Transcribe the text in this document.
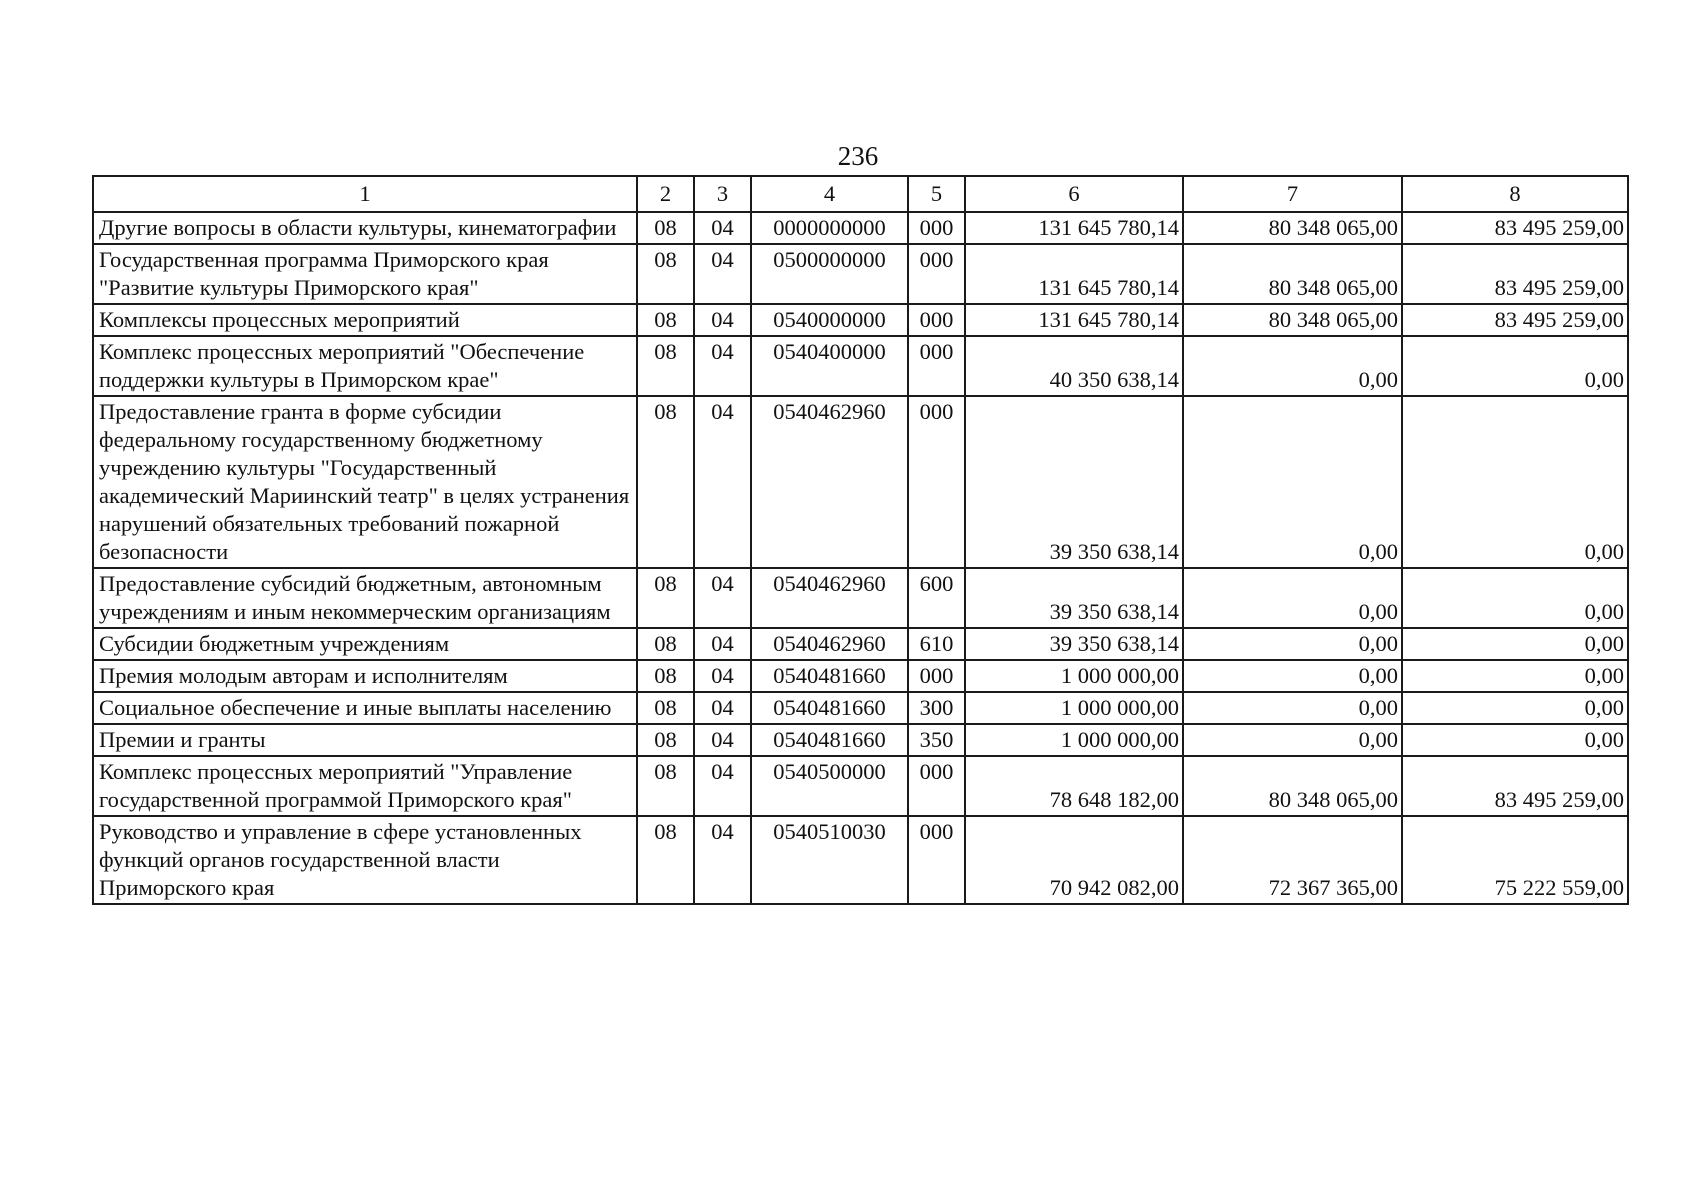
236
1	2	3	4	5	6	7	8
Другие вопросы в области культуры, кинематографии	08	04	0000000000	000	131 645 780,14	80 348 065,00	83 495 259,00
Государственная программа Приморского края "Развитие культуры Приморского края"	08	04	0500000000	000	131 645 780,14	80 348 065,00	83 495 259,00
Комплексы процессных мероприятий	08	04	0540000000	000	131 645 780,14	80 348 065,00	83 495 259,00
Комплекс процессных мероприятий "Обеспечение поддержки культуры в Приморском крае"	08	04	0540400000	000	40 350 638,14	0,00	0,00
Предоставление гранта в форме субсидии федеральному государственному бюджетному учреждению культуры "Государственный академический Мариинский театр" в целях устранения нарушений обязательных требований пожарной безопасности	08	04	0540462960	000	39 350 638,14	0,00	0,00
Предоставление субсидий бюджетным, автономным учреждениям и иным некоммерческим организациям	08	04	0540462960	600	39 350 638,14	0,00	0,00
Субсидии бюджетным учреждениям	08	04	0540462960	610	39 350 638,14	0,00	0,00
Премия молодым авторам и исполнителям	08	04	0540481660	000	1 000 000,00	0,00	0,00
Социальное обеспечение и иные выплаты населению	08	04	0540481660	300	1 000 000,00	0,00	0,00
Премии и гранты	08	04	0540481660	350	1 000 000,00	0,00	0,00
Комплекс процессных мероприятий "Управление государственной программой Приморского края"	08	04	0540500000	000	78 648 182,00	80 348 065,00	83 495 259,00
Руководство и управление в сфере установленных функций органов государственной власти Приморского края	08	04	0540510030	000	70 942 082,00	72 367 365,00	75 222 559,00
